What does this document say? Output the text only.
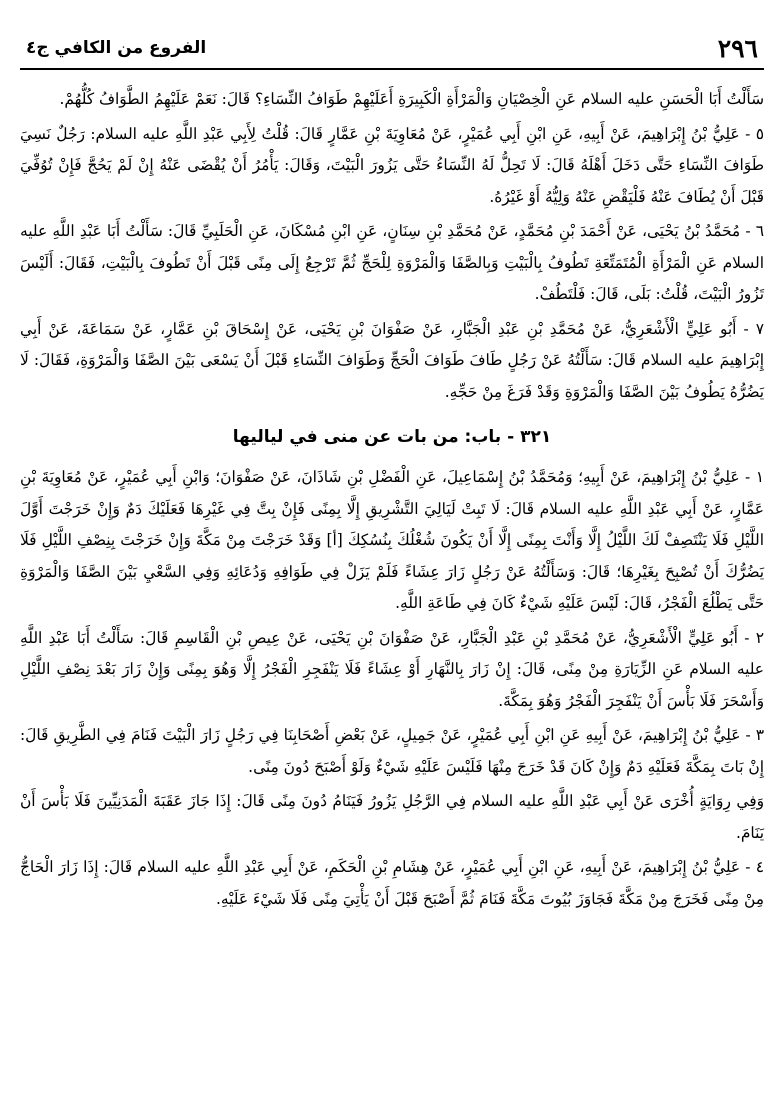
٢٩٦
الفروع من الكافي ج٤

سَأَلْتُ أَبَا الْحَسَنِ عليه السلام عَنِ الْخِصْيَانِ وَالْمَرْأَةِ الْكَبِيرَةِ أَعَلَيْهِمْ طَوَافُ النِّسَاءِ؟ قَالَ: نَعَمْ عَلَيْهِمُ الطَّوَافُ كُلُّهُمْ.

٥ - عَلِيُّ بْنُ إِبْرَاهِيمَ، عَنْ أَبِيهِ، عَنِ ابْنِ أَبِي عُمَيْرٍ، عَنْ مُعَاوِيَةَ بْنِ عَمَّارٍ قَالَ: قُلْتُ لِأَبِي عَبْدِ اللَّهِ عليه السلام: رَجُلٌ نَسِيَ طَوَافَ النِّسَاءِ حَتَّى دَخَلَ أَهْلَهُ قَالَ: لَا تَحِلُّ لَهُ النِّسَاءُ حَتَّى يَزُورَ الْبَيْتَ، وَقَالَ: يَأْمُرُ أَنْ يُقْضَى عَنْهُ إِنْ لَمْ يَحُجَّ فَإِنْ تُوُفِّيَ قَبْلَ أَنْ يُطَافَ عَنْهُ فَلْيَقْضِ عَنْهُ وَلِيُّهُ أَوْ غَيْرُهُ.

٦ - مُحَمَّدُ بْنُ يَحْيَى، عَنْ أَحْمَدَ بْنِ مُحَمَّدٍ، عَنْ مُحَمَّدِ بْنِ سِنَانٍ، عَنِ ابْنِ مُسْكَانَ، عَنِ الْحَلَبِيِّ قَالَ: سَأَلْتُ أَبَا عَبْدِ اللَّهِ عليه السلام عَنِ الْمَرْأَةِ الْمُتَمَتِّعَةِ تَطُوفُ بِالْبَيْتِ وَبِالصَّفَا وَالْمَرْوَةِ لِلْحَجِّ ثُمَّ تَرْجِعُ إِلَى مِنًى قَبْلَ أَنْ تَطُوفَ بِالْبَيْتِ، فَقَالَ: أَلَيْسَ تَزُورُ الْبَيْتَ، قُلْتُ: بَلَى، قَالَ: فَلْتَطُفْ.

٧ - أَبُو عَلِيٍّ الْأَشْعَرِيُّ، عَنْ مُحَمَّدِ بْنِ عَبْدِ الْجَبَّارِ، عَنْ صَفْوَانَ بْنِ يَحْيَى، عَنْ إِسْحَاقَ بْنِ عَمَّارٍ، عَنْ سَمَاعَةَ، عَنْ أَبِي إِبْرَاهِيمَ عليه السلام قَالَ: سَأَلْتُهُ عَنْ رَجُلٍ طَافَ طَوَافَ الْحَجِّ وَطَوَافَ النِّسَاءِ قَبْلَ أَنْ يَسْعَى بَيْنَ الصَّفَا وَالْمَرْوَةِ، فَقَالَ: لَا يَضُرُّهُ يَطُوفُ بَيْنَ الصَّفَا وَالْمَرْوَةِ وَقَدْ فَرَغَ مِنْ حَجِّهِ.

٣٢١ - باب: من بات عن منى في لياليها

١ - عَلِيُّ بْنُ إِبْرَاهِيمَ، عَنْ أَبِيهِ؛ وَمُحَمَّدُ بْنُ إِسْمَاعِيلَ، عَنِ الْفَضْلِ بْنِ شَاذَانَ، عَنْ صَفْوَانَ؛ وَابْنِ أَبِي عُمَيْرٍ، عَنْ مُعَاوِيَةَ بْنِ عَمَّارٍ، عَنْ أَبِي عَبْدِ اللَّهِ عليه السلام قَالَ: لَا تَبِتْ لَيَالِيَ التَّشْرِيقِ إِلَّا بِمِنًى فَإِنْ بِتَّ فِي غَيْرِهَا فَعَلَيْكَ دَمٌ وَإِنْ خَرَجْتَ أَوَّلَ اللَّيْلِ فَلَا يَنْتَصِفْ لَكَ اللَّيْلُ إِلَّا وَأَنْتَ بِمِنًى إِلَّا أَنْ يَكُونَ شُغْلُكَ بِنُسُكِكَ [أ] وَقَدْ خَرَجْتَ مِنْ مَكَّةَ وَإِنْ خَرَجْتَ بِنِصْفِ اللَّيْلِ فَلَا يَضُرُّكَ أَنْ تُصْبِحَ بِغَيْرِهَا؛ قَالَ: وَسَأَلْتُهُ عَنْ رَجُلٍ زَارَ عِشَاءً فَلَمْ يَزَلْ فِي طَوَافِهِ وَدُعَائِهِ وَفِي السَّعْيِ بَيْنَ الصَّفَا وَالْمَرْوَةِ حَتَّى يَطْلُعَ الْفَجْرُ، قَالَ: لَيْسَ عَلَيْهِ شَيْءٌ كَانَ فِي طَاعَةِ اللَّهِ.

٢ - أَبُو عَلِيٍّ الْأَشْعَرِيُّ، عَنْ مُحَمَّدِ بْنِ عَبْدِ الْجَبَّارِ، عَنْ صَفْوَانَ بْنِ يَحْيَى، عَنْ عِيصِ بْنِ الْقَاسِمِ قَالَ: سَأَلْتُ أَبَا عَبْدِ اللَّهِ عليه السلام عَنِ الزِّيَارَةِ مِنْ مِنًى، قَالَ: إِنْ زَارَ بِالنَّهَارِ أَوْ عِشَاءً فَلَا يَنْفَجِرِ الْفَجْرُ إِلَّا وَهُوَ بِمِنًى وَإِنْ زَارَ بَعْدَ نِصْفِ اللَّيْلِ وَأَسْحَرَ فَلَا بَأْسَ أَنْ يَنْفَجِرَ الْفَجْرُ وَهُوَ بِمَكَّةَ.

٣ - عَلِيُّ بْنُ إِبْرَاهِيمَ، عَنْ أَبِيهِ عَنِ ابْنِ أَبِي عُمَيْرٍ، عَنْ جَمِيلٍ، عَنْ بَعْضِ أَصْحَابِنَا فِي رَجُلٍ زَارَ الْبَيْتَ فَنَامَ فِي الطَّرِيقِ قَالَ: إِنْ بَاتَ بِمَكَّةَ فَعَلَيْهِ دَمٌ وَإِنْ كَانَ قَدْ خَرَجَ مِنْهَا فَلَيْسَ عَلَيْهِ شَيْءٌ وَلَوْ أَصْبَحَ دُونَ مِنًى.

وَفِي رِوَايَةٍ أُخْرَى عَنْ أَبِي عَبْدِ اللَّهِ عليه السلام فِي الرَّجُلِ يَزُورُ فَيَنَامُ دُونَ مِنًى قَالَ: إِذَا جَازَ عَقَبَةَ الْمَدَنِيِّينَ فَلَا بَأْسَ أَنْ يَنَامَ.

٤ - عَلِيُّ بْنُ إِبْرَاهِيمَ، عَنْ أَبِيهِ، عَنِ ابْنِ أَبِي عُمَيْرٍ، عَنْ هِشَامِ بْنِ الْحَكَمِ، عَنْ أَبِي عَبْدِ اللَّهِ عليه السلام قَالَ: إِذَا زَارَ الْحَاجُّ مِنْ مِنًى فَخَرَجَ مِنْ مَكَّةَ فَجَاوَزَ بُيُوتَ مَكَّةَ فَنَامَ ثُمَّ أَصْبَحَ قَبْلَ أَنْ يَأْتِيَ مِنًى فَلَا شَيْءَ عَلَيْهِ.
